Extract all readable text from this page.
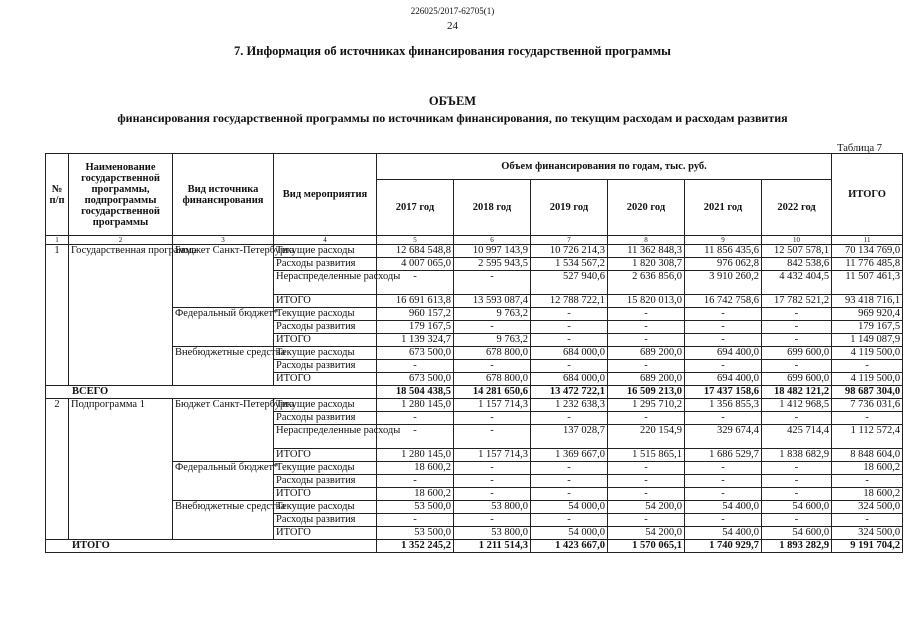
226025/2017-62705(1)
24
7. Информация об источниках финансирования государственной программы
ОБЪЕМ
финансирования государственной программы по источникам финансирования, по текущим расходам и расходам развития
Таблица 7
№ п/п	Наименование государственной программы, подпрограммы государственной программы	Вид источника финансирования	Вид мероприятия	Объем финансирования по годам, тыс. руб.						ИТОГО
				2017 год	2018 год	2019 год	2020 год	2021 год	2022 год	
1	2	3	4	5	6	7	8	9	10	11
1	Государственная программа	Бюджет Санкт-Петербурга	Текущие расходы	12 684 548,8	10 997 143,9	10 726 214,3	11 362 848,3	11 856 435,6	12 507 578,1	70 134 769,0
			Расходы развития	4 007 065,0	2 595 943,5	1 534 567,2	1 820 308,7	976 062,8	842 538,6	11 776 485,8
			Нераспределенные расходы	-	-	527 940,6	2 636 856,0	3 910 260,2	4 432 404,5	11 507 461,3
			ИТОГО	16 691 613,8	13 593 087,4	12 788 722,1	15 820 013,0	16 742 758,6	17 782 521,2	93 418 716,1
		Федеральный бюджет*	Текущие расходы	960 157,2	9 763,2	-	-	-	-	969 920,4
			Расходы развития	179 167,5	-	-	-	-	-	179 167,5
			ИТОГО	1 139 324,7	9 763,2	-	-	-	-	1 149 087,9
		Внебюджетные средства	Текущие расходы	673 500,0	678 800,0	684 000,0	689 200,0	694 400,0	699 600,0	4 119 500,0
			Расходы развития	-	-	-	-	-	-	-
			ИТОГО	673 500,0	678 800,0	684 000,0	689 200,0	694 400,0	699 600,0	4 119 500,0
ВСЕГО				18 504 438,5	14 281 650,6	13 472 722,1	16 509 213,0	17 437 158,6	18 482 121,2	98 687 304,0
2	Подпрограмма 1	Бюджет Санкт-Петербурга	Текущие расходы	1 280 145,0	1 157 714,3	1 232 638,3	1 295 710,2	1 356 855,3	1 412 968,5	7 736 031,6
			Расходы развития	-	-	-	-	-	-	-
			Нераспределенные расходы	-	-	137 028,7	220 154,9	329 674,4	425 714,4	1 112 572,4
			ИТОГО	1 280 145,0	1 157 714,3	1 369 667,0	1 515 865,1	1 686 529,7	1 838 682,9	8 848 604,0
		Федеральный бюджет*	Текущие расходы	18 600,2	-	-	-	-	-	18 600,2
			Расходы развития	-	-	-	-	-	-	-
			ИТОГО	18 600,2	-	-	-	-	-	18 600,2
		Внебюджетные средства	Текущие расходы	53 500,0	53 800,0	54 000,0	54 200,0	54 400,0	54 600,0	324 500,0
			Расходы развития	-	-	-	-	-	-	-
			ИТОГО	53 500,0	53 800,0	54 000,0	54 200,0	54 400,0	54 600,0	324 500,0
ИТОГО				1 352 245,2	1 211 514,3	1 423 667,0	1 570 065,1	1 740 929,7	1 893 282,9	9 191 704,2
